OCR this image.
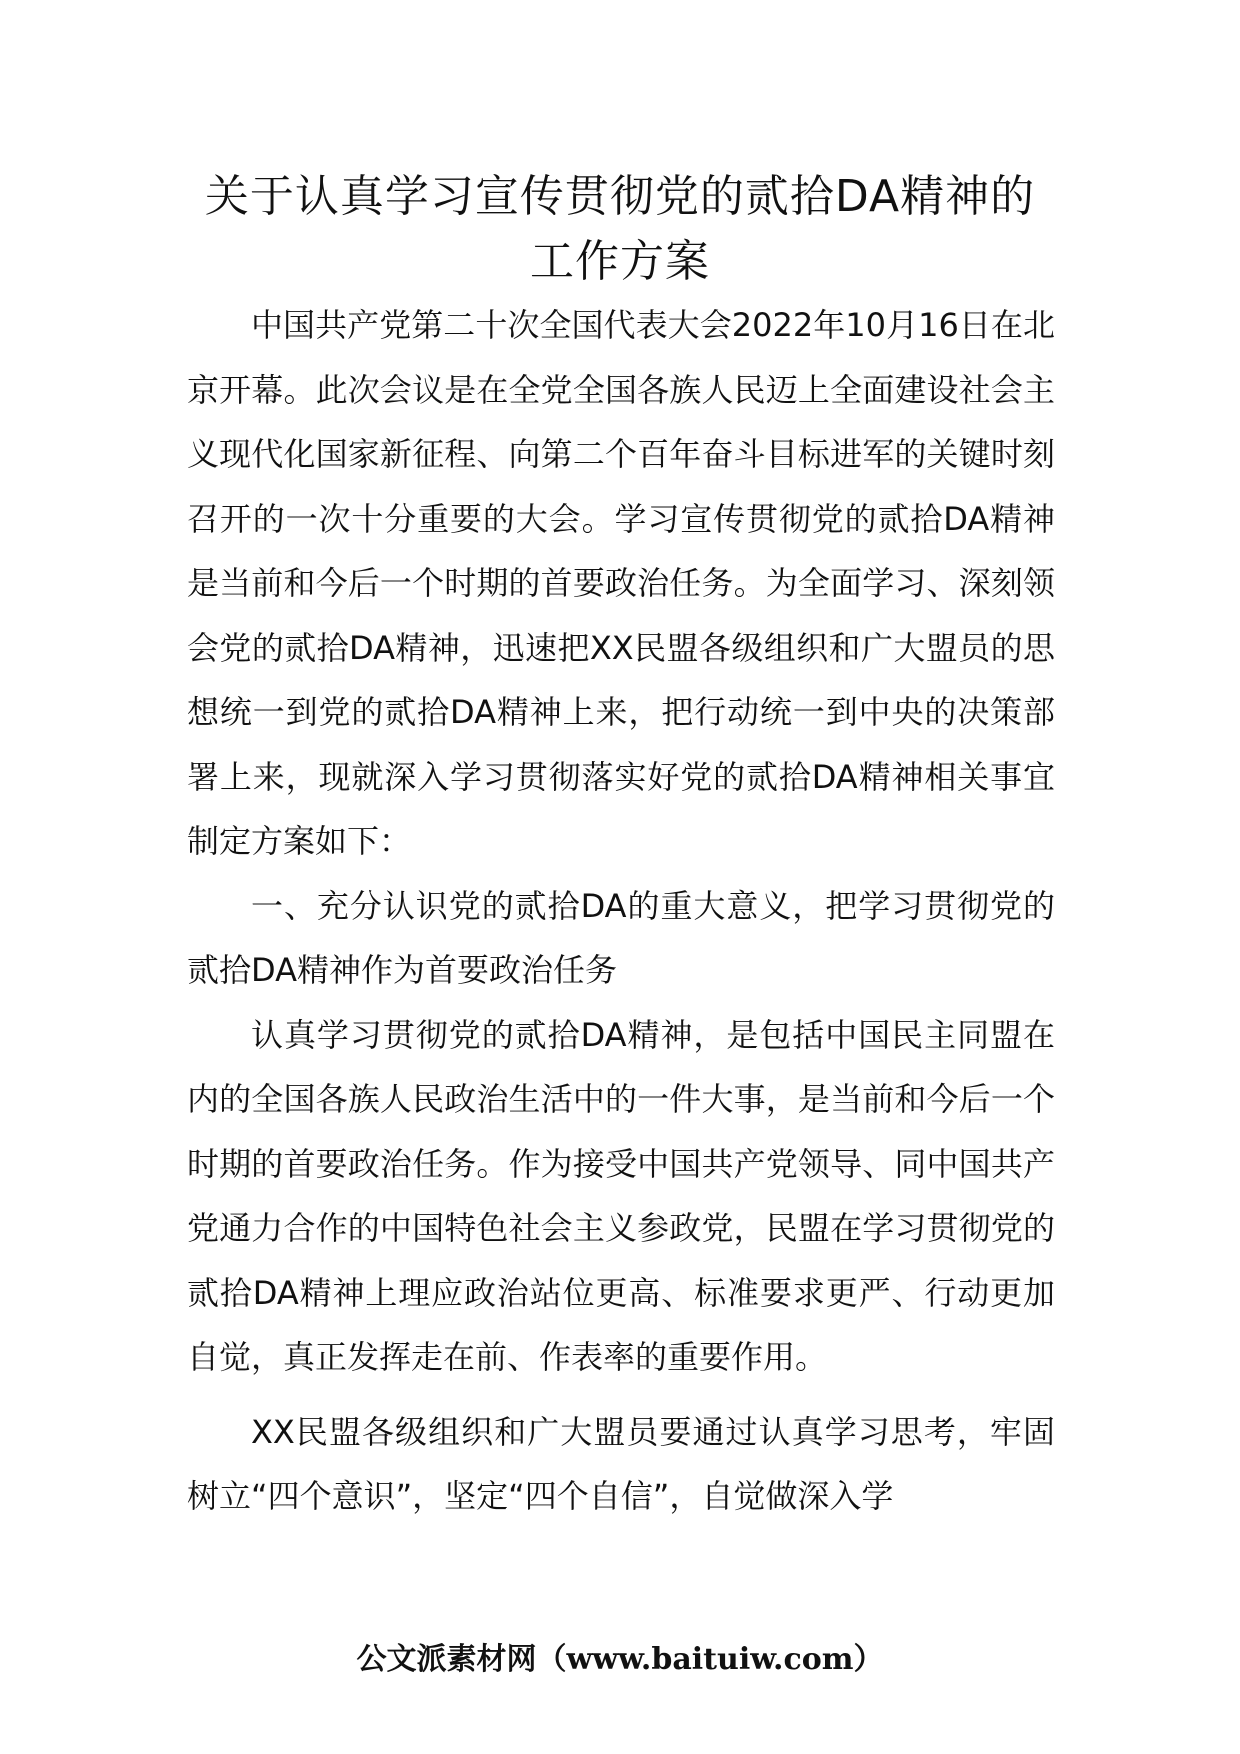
关于认真学习宣传贯彻党的贰拾DA精神的
工作方案

中国共产党第二十次全国代表大会2022年10月16日在北京开幕。此次会议是在全党全国各族人民迈上全面建设社会主义现代化国家新征程、向第二个百年奋斗目标进军的关键时刻召开的一次十分重要的大会。学习宣传贯彻党的贰拾DA精神是当前和今后一个时期的首要政治任务。为全面学习、深刻领会党的贰拾DA精神，迅速把XX民盟各级组织和广大盟员的思想统一到党的贰拾DA精神上来，把行动统一到中央的决策部署上来，现就深入学习贯彻落实好党的贰拾DA精神相关事宜制定方案如下：

一、充分认识党的贰拾DA的重大意义，把学习贯彻党的贰拾DA精神作为首要政治任务

认真学习贯彻党的贰拾DA精神，是包括中国民主同盟在内的全国各族人民政治生活中的一件大事，是当前和今后一个时期的首要政治任务。作为接受中国共产党领导、同中国共产党通力合作的中国特色社会主义参政党，民盟在学习贯彻党的贰拾DA精神上理应政治站位更高、标准要求更严、行动更加自觉，真正发挥走在前、作表率的重要作用。

XX民盟各级组织和广大盟员要通过认真学习思考，牢固树立“四个意识”，坚定“四个自信”，自觉做深入学

公文派素材网（www.baituiw.com）
